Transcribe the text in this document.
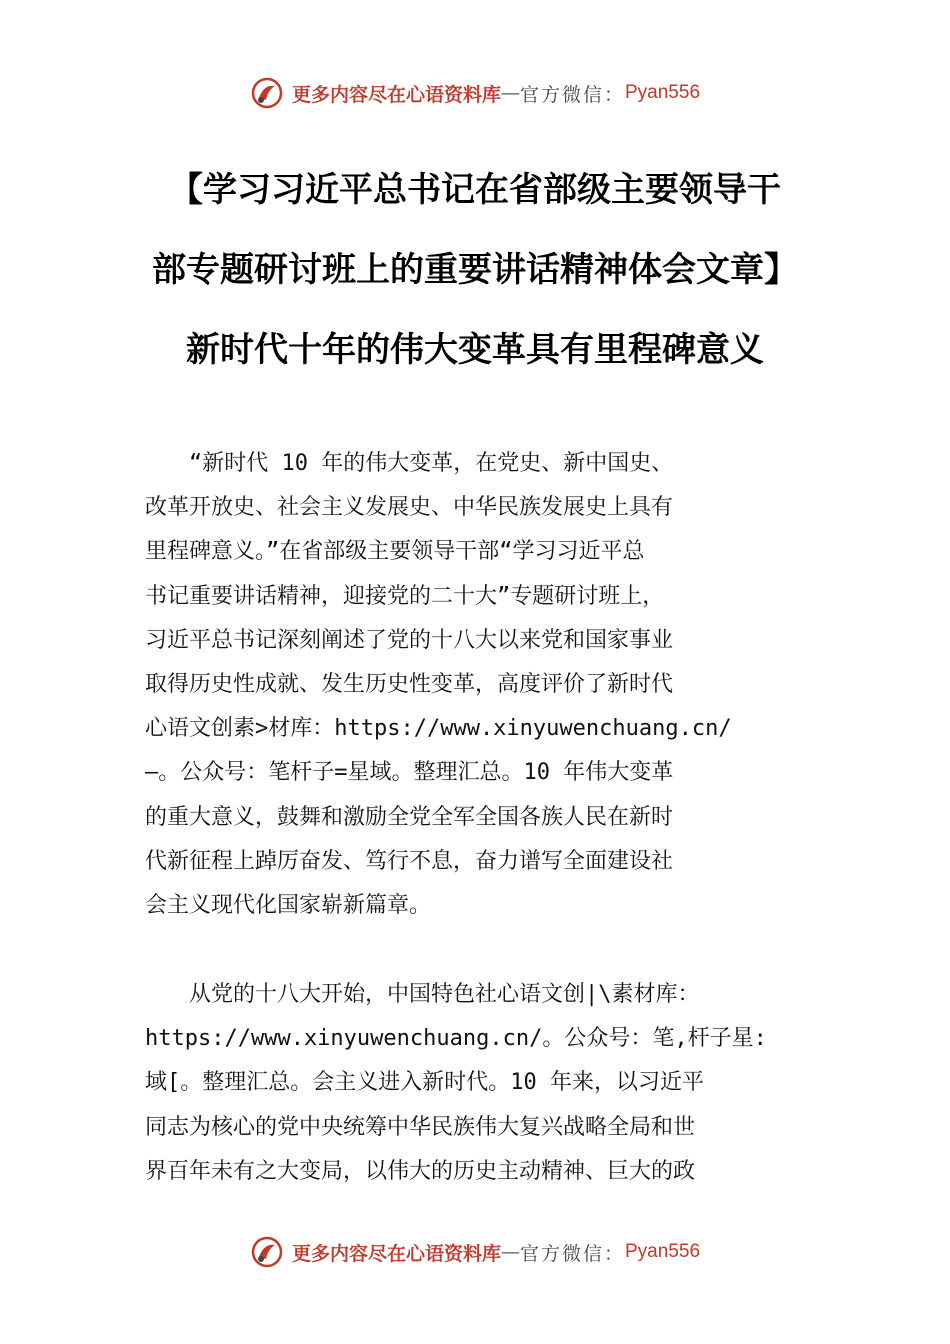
更多内容尽在心语资料库 — 官方微信： Pyan556
【学习习近平总书记在省部级主要领导干
部专题研讨班上的重要讲话精神体会文章】
新时代十年的伟大变革具有里程碑意义

　　“新时代 10 年的伟大变革，在党史、新中国史、
改革开放史、社会主义发展史、中华民族发展史上具有
里程碑意义。”在省部级主要领导干部“学习习近平总
书记重要讲话精神，迎接党的二十大”专题研讨班上，
习近平总书记深刻阐述了党的十八大以来党和国家事业
取得历史性成就、发生历史性变革，高度评价了新时代
心语文创素>材库：https://www.xinyuwenchuang.cn/
—。公众号：笔杆子=星域。整理汇总。10 年伟大变革
的重大意义，鼓舞和激励全党全军全国各族人民在新时
代新征程上踔厉奋发、笃行不息，奋力谱写全面建设社
会主义现代化国家崭新篇章。

　　从党的十八大开始，中国特色社心语文创|\素材库：
https://www.xinyuwenchuang.cn/。公众号：笔,杆子星:
域[。整理汇总。会主义进入新时代。10 年来，以习近平
同志为核心的党中央统筹中华民族伟大复兴战略全局和世
界百年未有之大变局，以伟大的历史主动精神、巨大的政

更多内容尽在心语资料库 — 官方微信： Pyan556
